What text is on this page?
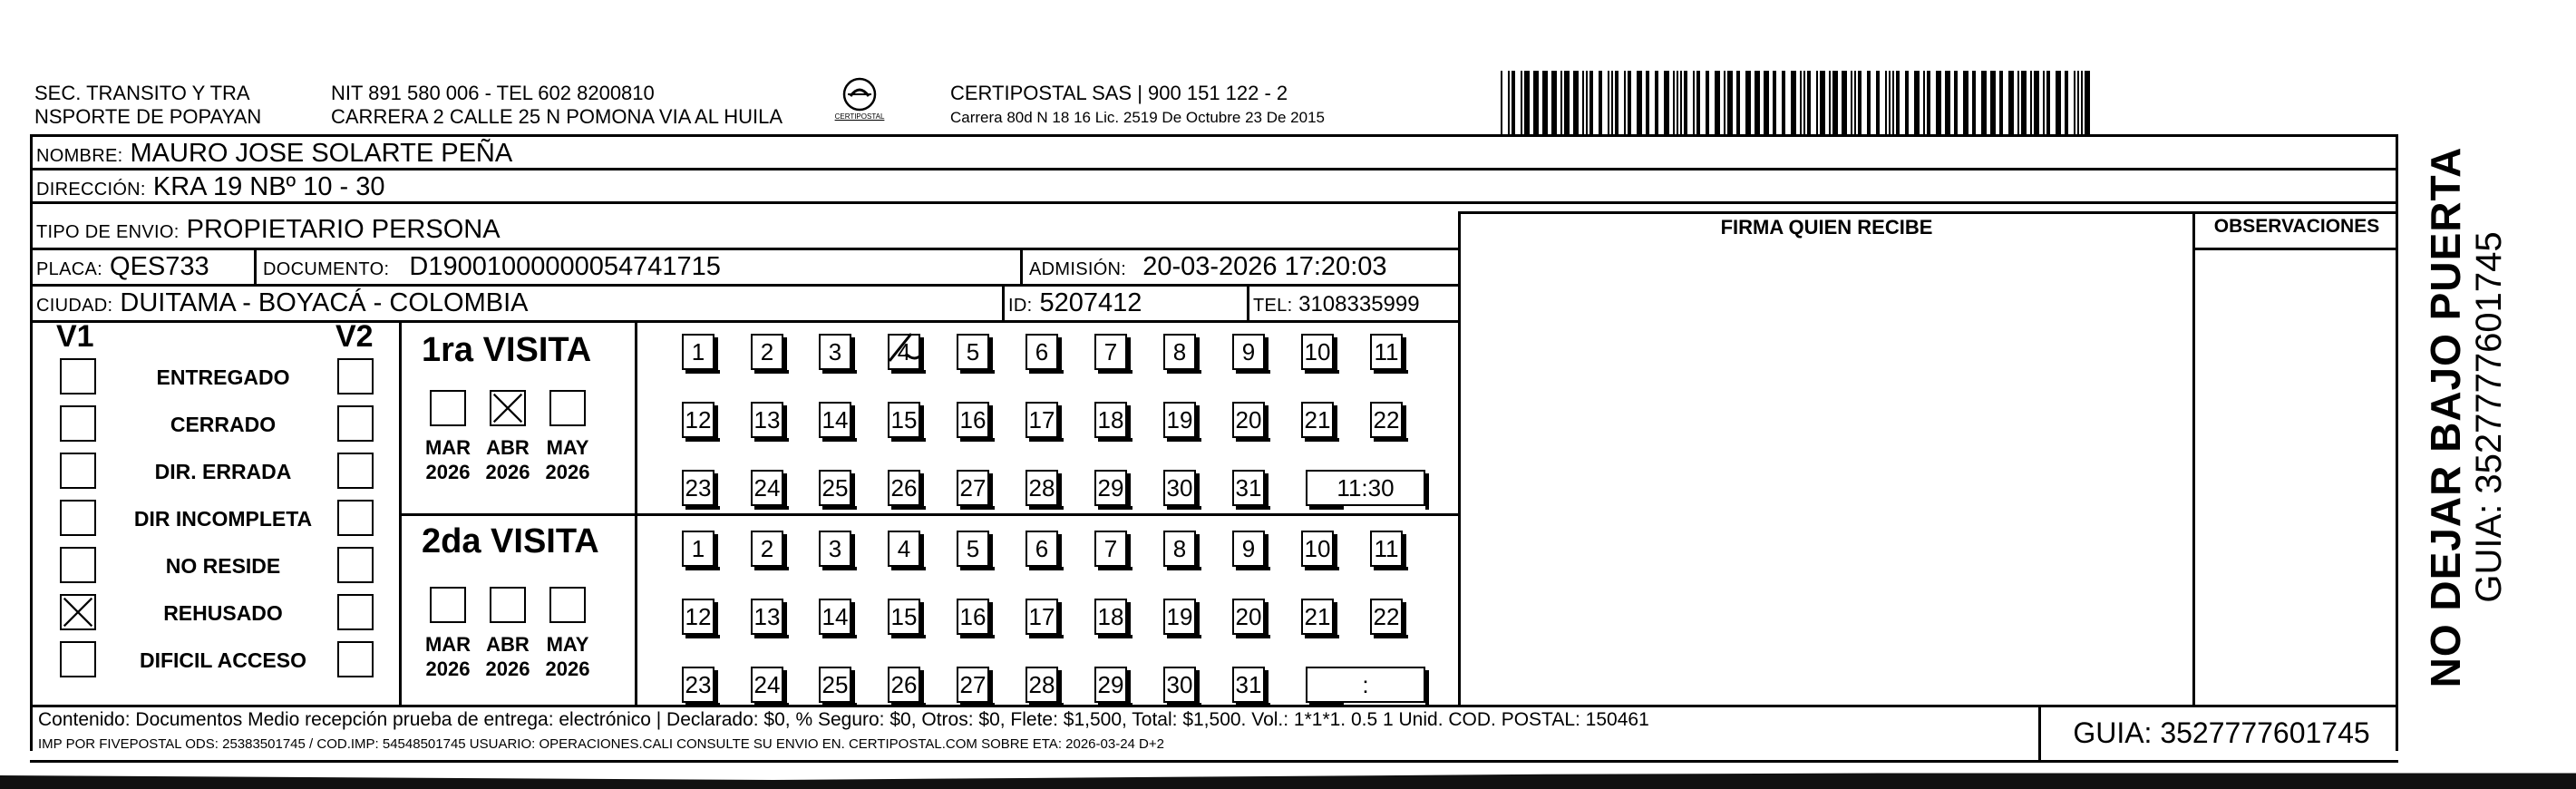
SEC. TRANSITO Y TRA
NSPORTE DE POPAYAN
NIT 891 580 006 - TEL 602 8200810
CARRERA 2 CALLE 25 N POMONA VIA AL HUILA	CERTIPOSTAL
CERTIPOSTAL SAS | 900 151 122 - 2
Carrera 80d N 18 16 Lic. 2519 De Octubre 23 De 2015
NOMBRE: MAURO JOSE SOLARTE PEÑA
DIRECCIÓN: KRA 19 NBº 10 - 30
TIPO DE ENVIO: PROPIETARIO PERSONA
PLACA: QES733	DOCUMENTO: D19001000000054741715	ADMISIÓN: 20-03-2026 17:20:03
CIUDAD: DUITAMA - BOYACÁ - COLOMBIA	ID: 5207412	TEL: 3108335999
FIRMA QUIEN RECIBE	OBSERVACIONES
V1	V2
ENTREGADO
CERRADO
DIR. ERRADA
DIR INCOMPLETA
NO RESIDE
REHUSADO
DIFICIL ACCESO
1ra VISITA
MAR
2026
ABR
2026
MAY
2026
1	2	3	4	5	6	7	8	9	10 11
12 13 14 15 16 17 18 19 20 21 22
23 24 25 26 27 28 29 30 31	11:30
2da VISITA
MAR
2026
ABR
2026
MAY
2026
1	2	3	4	5	6	7	8	9	10 11
12 13 14 15 16 17 18 19 20 21 22
23 24 25 26 27 28 29 30 31	:
Contenido: Documentos Medio recepción prueba de entrega: electrónico | Declarado: $0, % Seguro: $0, Otros: $0, Flete: $1,500, Total: $1,500. Vol.: 1*1*1. 0.5 1 Unid. COD. POSTAL: 150461
IMP POR FIVEPOSTAL ODS: 25383501745 / COD.IMP: 54548501745 USUARIO: OPERACIONES.CALI CONSULTE SU ENVIO EN. CERTIPOSTAL.COM SOBRE ETA: 2026-03-24 D+2	GUIA: 3527777601745
NO DEJAR BAJO PUERTA GUIA: 3527777601745
